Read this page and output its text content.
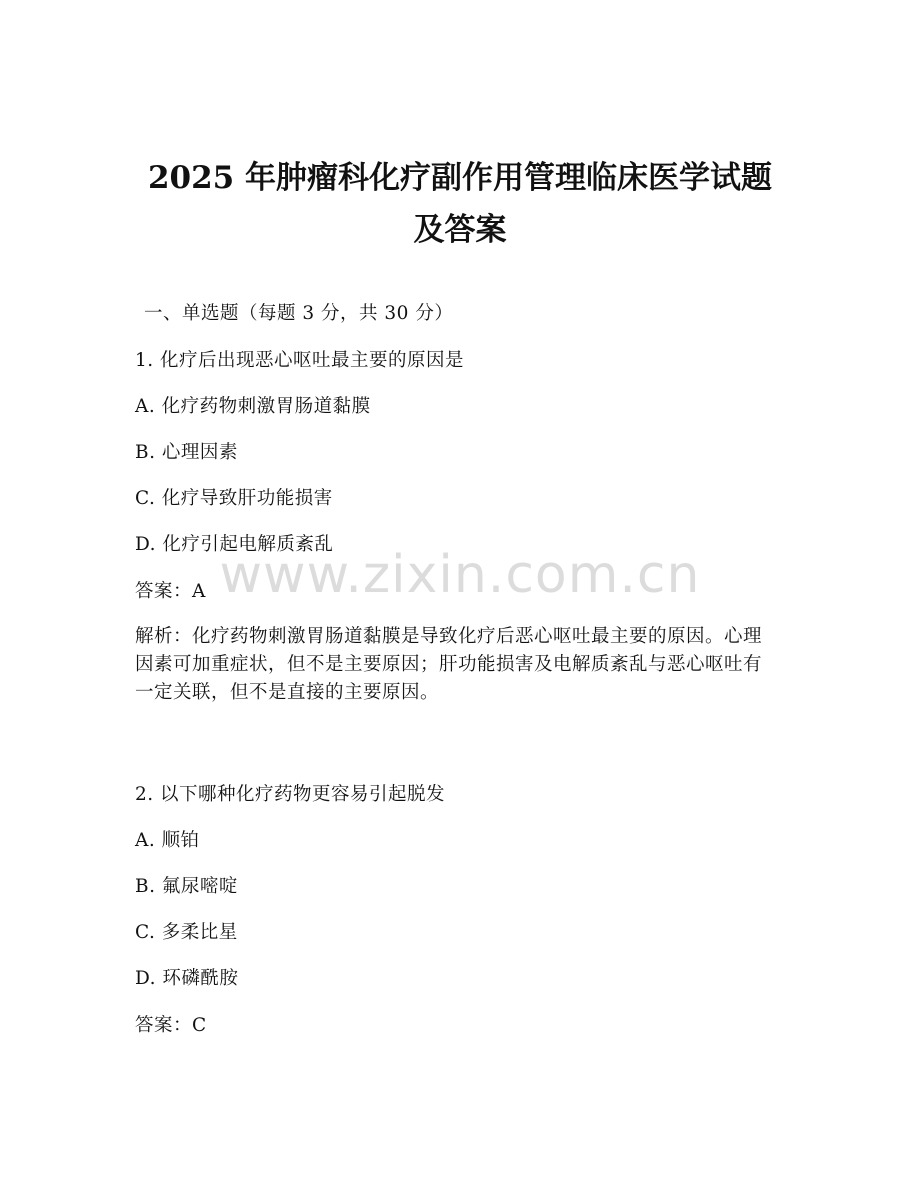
2025 年肿瘤科化疗副作用管理临床医学试题
及答案
一、单选题（每题 3 分，共 30 分）
1. 化疗后出现恶心呕吐最主要的原因是
A. 化疗药物刺激胃肠道黏膜
B. 心理因素
C. 化疗导致肝功能损害
D. 化疗引起电解质紊乱
www.zixin.com.cn
答案：A
解析：化疗药物刺激胃肠道黏膜是导致化疗后恶心呕吐最主要的原因。心理因素可加重症状，但不是主要原因；肝功能损害及电解质紊乱与恶心呕吐有一定关联，但不是直接的主要原因。
2. 以下哪种化疗药物更容易引起脱发
A. 顺铂
B. 氟尿嘧啶
C. 多柔比星
D. 环磷酰胺
答案：C
